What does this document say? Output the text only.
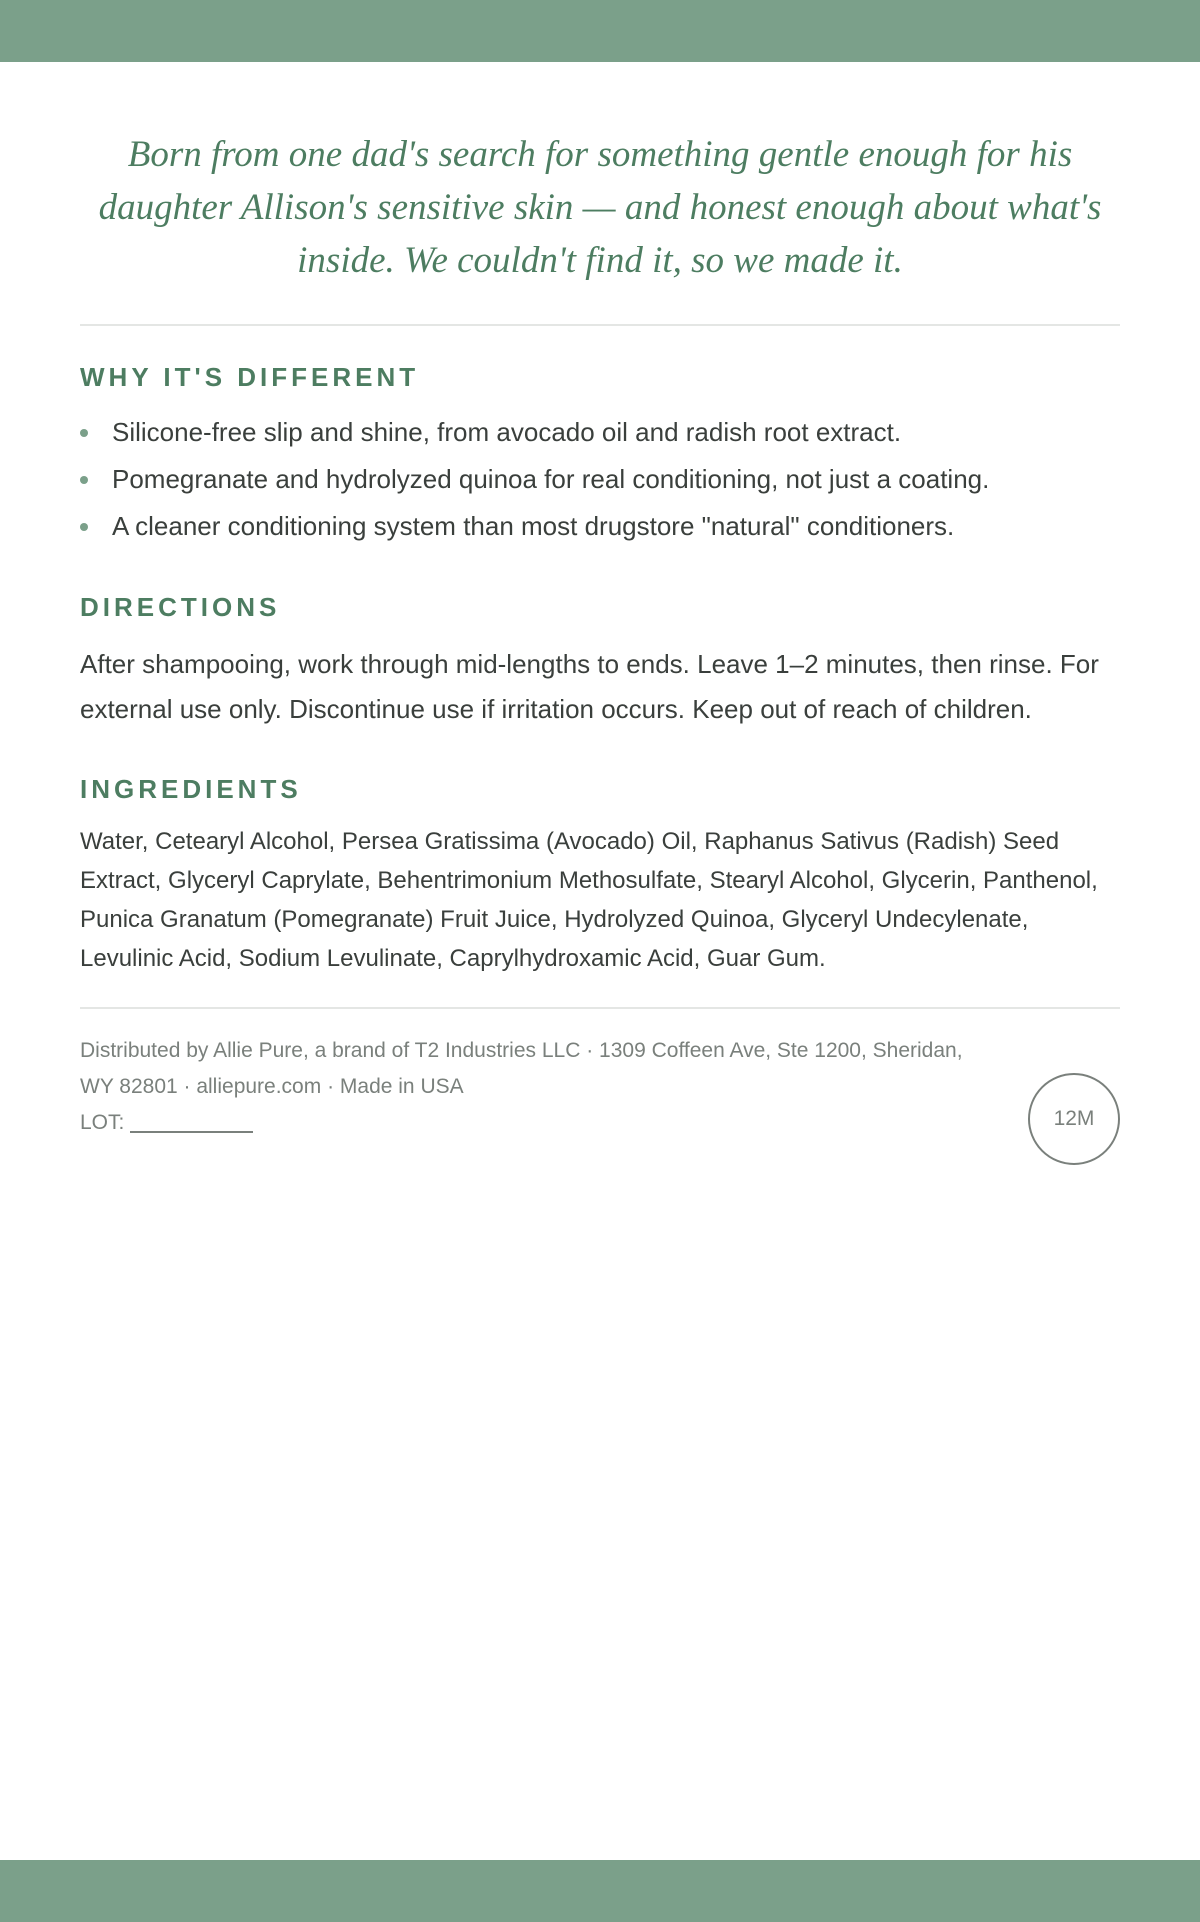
Born from one dad's search for something gentle enough for his daughter Allison's sensitive skin — and honest enough about what's inside. We couldn't find it, so we made it.

WHY IT'S DIFFERENT
Silicone-free slip and shine, from avocado oil and radish root extract.
Pomegranate and hydrolyzed quinoa for real conditioning, not just a coating.
A cleaner conditioning system than most drugstore "natural" conditioners.
DIRECTIONS

After shampooing, work through mid-lengths to ends. Leave 1–2 minutes, then rinse. For external use only. Discontinue use if irritation occurs. Keep out of reach of children.

INGREDIENTS

Water, Cetearyl Alcohol, Persea Gratissima (Avocado) Oil, Raphanus Sativus (Radish) Seed Extract, Glyceryl Caprylate, Behentrimonium Methosulfate, Stearyl Alcohol, Glycerin, Panthenol, Punica Granatum (Pomegranate) Fruit Juice, Hydrolyzed Quinoa, Glyceryl Undecylenate, Levulinic Acid, Sodium Levulinate, Caprylhydroxamic Acid, Guar Gum.

Distributed by Allie Pure, a brand of T2 Industries LLC · 1309 Coffeen Ave, Ste 1200, Sheridan, WY 82801 · alliepure.com · Made in USA
LOT:	12M
